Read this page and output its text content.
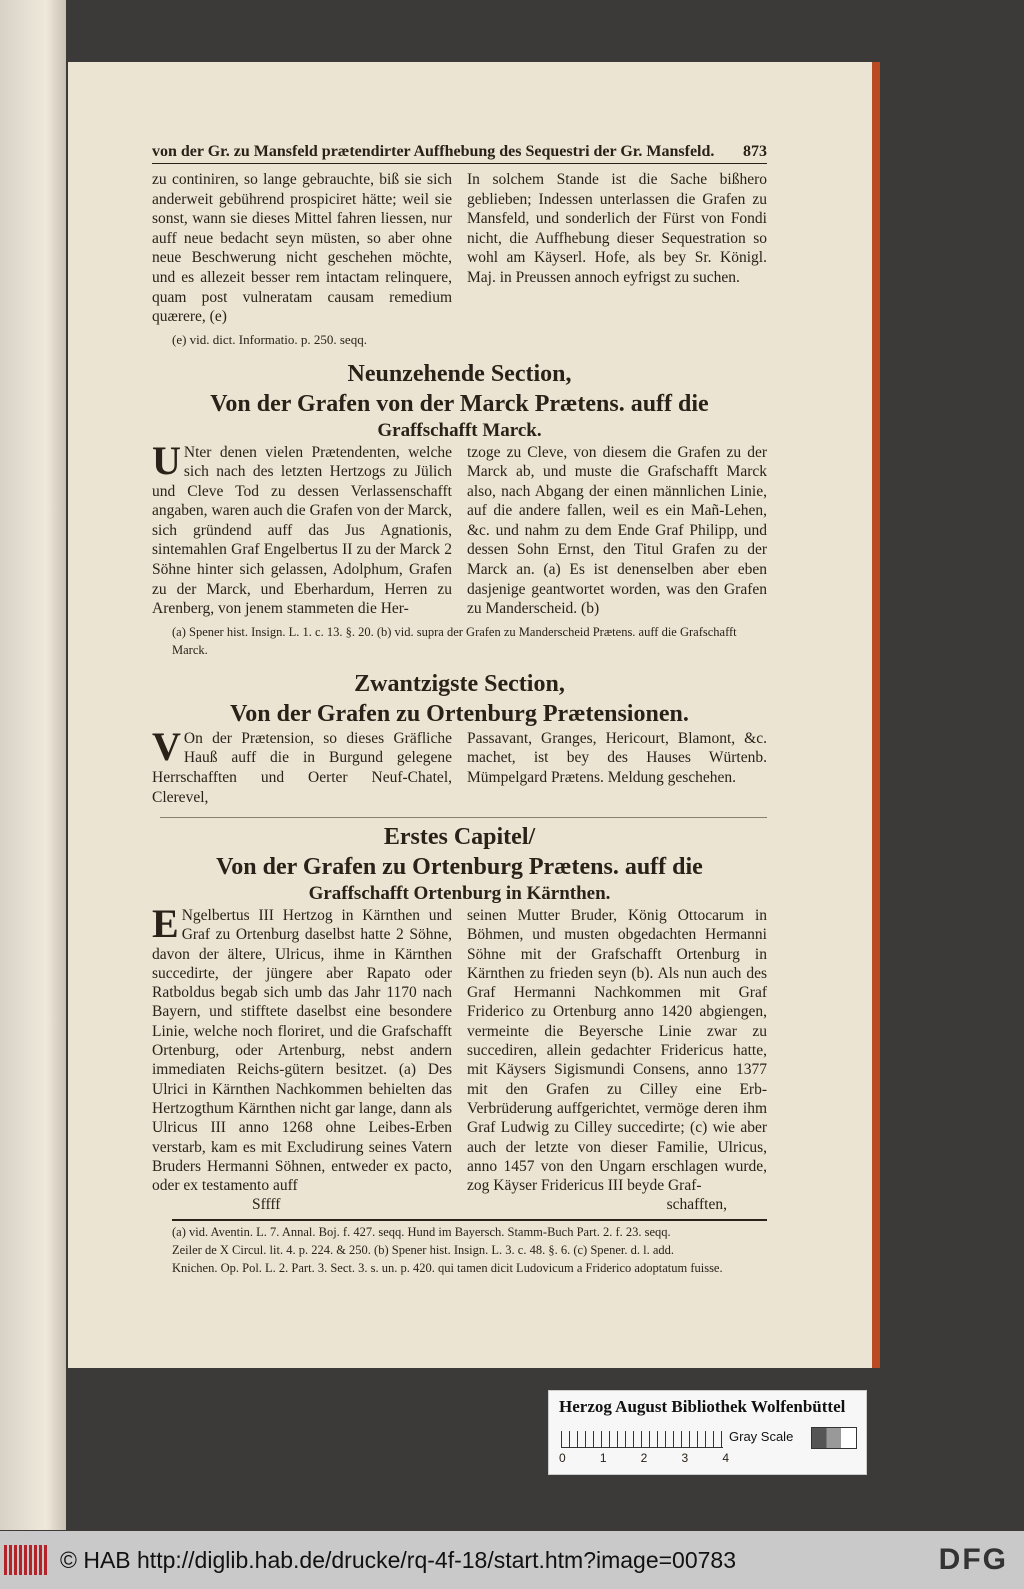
von der Gr. zu Mansfeld prætendirter Auffhebung des Sequestri der Gr. Mansfeld. 873
zu continiren, so lange gebrauchte, biß sie sich anderweit gebührend prospiciret hätte; weil sie sonst, wann sie dieses Mittel fahren liessen, nur auff neue bedacht seyn müsten, so aber ohne neue Beschwerung nicht geschehen möchte, und es allezeit besser rem intactam relinquere, quam post vulneratam causam remedium quærere, (e)
(e) vid. dict. Informatio. p. 250. seqq.
In solchem Stande ist die Sache bißhero geblieben; Indessen unterlassen die Grafen zu Mansfeld, und sonderlich der Fürst von Fondi nicht, die Auffhebung dieser Sequestration so wohl am Käyserl. Hofe, als bey Sr. Königl. Maj. in Preussen annoch eyfrigst zu suchen.
Neunzehende Section,
Von der Grafen von der Marck Prætens. auff die
Graffschafft Marck.
U Nter denen vielen Prætendenten, welche sich nach des letzten Hertzogs zu Jülich und Cleve Tod zu dessen Verlassenschafft angaben, waren auch die Grafen von der Marck, sich gründend auff das Jus Agnationis, sintemahlen Graf Engelbertus II zu der Marck 2 Söhne hinter sich gelassen, Adolphum, Grafen zu der Marck, und Eberhardum, Herren zu Arenberg, von jenem stammeten die Her-
tzoge zu Cleve, von diesem die Grafen zu der Marck ab, und muste die Grafschafft Marck also, nach Abgang der einen männlichen Linie, auf die andere fallen, weil es ein Mañ-Lehen, &c. und nahm zu dem Ende Graf Philipp, und dessen Sohn Ernst, den Titul Grafen zu der Marck an. (a) Es ist denenselben aber eben dasjenige geantwortet worden, was den Grafen zu Manderscheid. (b)
(a) Spener hist. Insign. L. 1. c. 13. §. 20. (b) vid. supra der Grafen zu Manderscheid Prætens. auff die Grafschafft Marck.
Zwantzigste Section,
Von der Grafen zu Ortenburg Prætensionen.
V On der Prætension, so dieses Gräfliche Hauß auff die in Burgund gelegene Herrschafften und Oerter Neuf-Chatel, Clerevel,
Passavant, Granges, Hericourt, Blamont, &c. machet, ist bey des Hauses Würtenb. Mümpelgard Prætens. Meldung geschehen.
Erstes Capitel/
Von der Grafen zu Ortenburg Prætens. auff die
Graffschafft Ortenburg in Kärnthen.
E Ngelbertus III Hertzog in Kärnthen und Graf zu Ortenburg daselbst hatte 2 Söhne, davon der ältere, Ulricus, ihme in Kärnthen succedirte, der jüngere aber Rapato oder Ratboldus begab sich umb das Jahr 1170 nach Bayern, und stifftete daselbst eine besondere Linie, welche noch floriret, und die Grafschafft Ortenburg, oder Artenburg, nebst andern immediaten Reichs-gütern besitzet. (a) Des Ulrici in Kärnthen Nachkommen behielten das Hertzogthum Kärnthen nicht gar lange, dann als Ulricus III anno 1268 ohne Leibes-Erben verstarb, kam es mit Excludirung seines Vatern Bruders Hermanni Söhnen, entweder ex pacto, oder ex testamento auff
seinen Mutter Bruder, König Ottocarum in Böhmen, und musten obgedachten Hermanni Söhne mit der Grafschafft Ortenburg in Kärnthen zu frieden seyn (b). Als nun auch des Graf Hermanni Nachkommen mit Graf Friderico zu Ortenburg anno 1420 abgiengen, vermeinte die Beyersche Linie zwar zu succediren, allein gedachter Fridericus hatte, mit Käysers Sigismundi Consens, anno 1377 mit den Grafen zu Cilley eine Erb-Verbrüderung auffgerichtet, vermöge deren ihm Graf Ludwig zu Cilley succedirte; (c) wie aber auch der letzte von dieser Familie, Ulricus, anno 1457 von den Ungarn erschlagen wurde, zog Käyser Fridericus III beyde Graf-
Sffff	schafften,
(a) vid. Aventin. L. 7. Annal. Boj. f. 427. seqq. Hund im Bayersch. Stamm-Buch Part. 2. f. 23. seqq.
Zeiler de X Circul. lit. 4. p. 224. & 250. (b) Spener hist. Insign. L. 3. c. 48. §. 6. (c) Spener. d. l. add.
Knichen. Op. Pol. L. 2. Part. 3. Sect. 3. s. un. p. 420. qui tamen dicit Ludovicum a Friderico adoptatum fuisse.
Herzog August Bibliothek Wolfenbüttel
0	1	2	3	4
Gray Scale
© HAB http://diglib.hab.de/drucke/rq-4f-18/start.htm?image=00783	DFG
